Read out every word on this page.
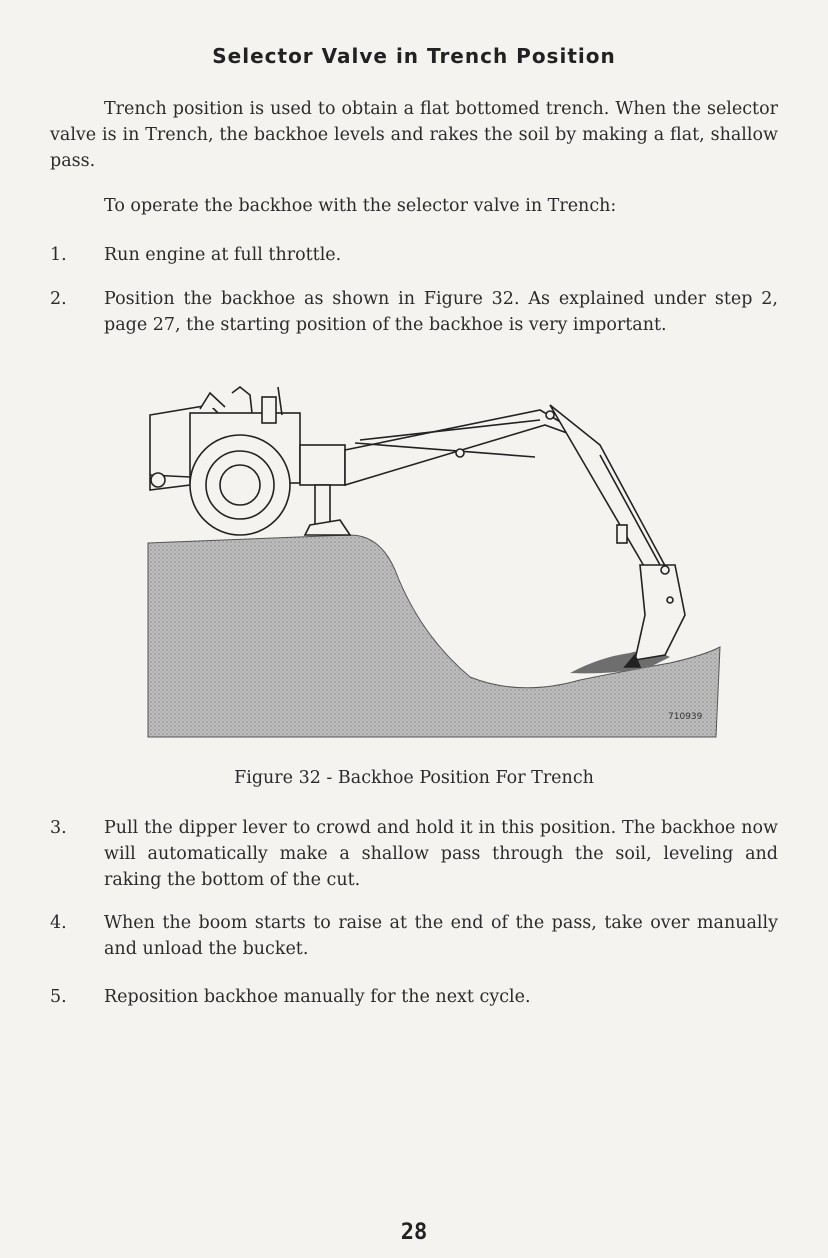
Selector Valve in Trench Position
Trench position is used to obtain a flat bottomed trench. When the selector valve is in Trench, the backhoe levels and rakes the soil by making a flat, shallow pass.
To operate the backhoe with the selector valve in Trench:
1.	Run engine at full throttle.
2.	Position the backhoe as shown in Figure 32. As explained under step 2, page 27, the starting position of the backhoe is very important.
710939
Figure 32 - Backhoe Position For Trench
3.	Pull the dipper lever to crowd and hold it in this position. The backhoe now will automatically make a shallow pass through the soil, leveling and raking the bottom of the cut.
4.	When the boom starts to raise at the end of the pass, take over manually and unload the bucket.
5.	Reposition backhoe manually for the next cycle.
28
